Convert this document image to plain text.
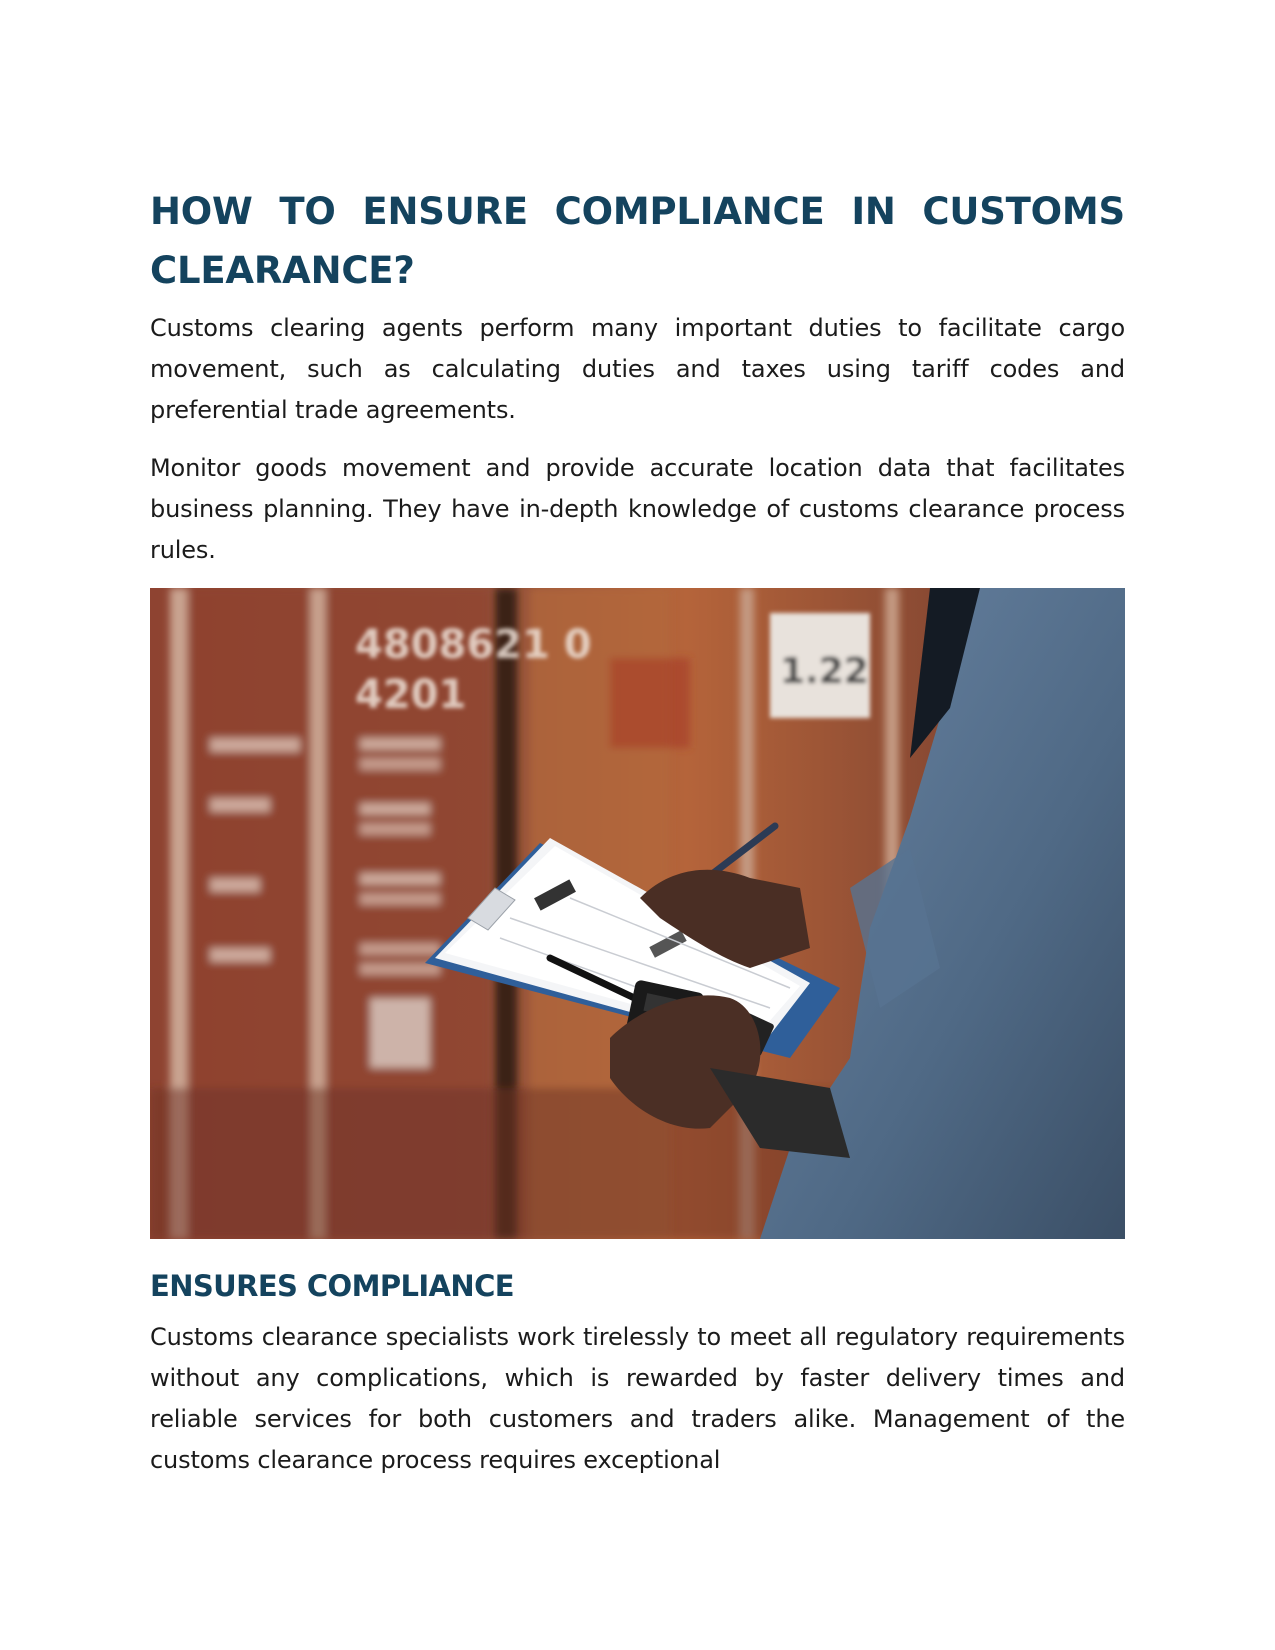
HOW TO ENSURE COMPLIANCE IN CUSTOMS CLEARANCE?

Customs clearing agents perform many important duties to facilitate cargo movement, such as calculating duties and taxes using tariff codes and preferential trade agreements.

Monitor goods movement and provide accurate location data that facilitates business planning. They have in-depth knowledge of customs clearance process rules.

4808621 0
4201
1.22
ENSURES COMPLIANCE

Customs clearance specialists work tirelessly to meet all regulatory requirements without any complications, which is rewarded by faster delivery times and reliable services for both customers and traders alike. Management of the customs clearance process requires exceptional
